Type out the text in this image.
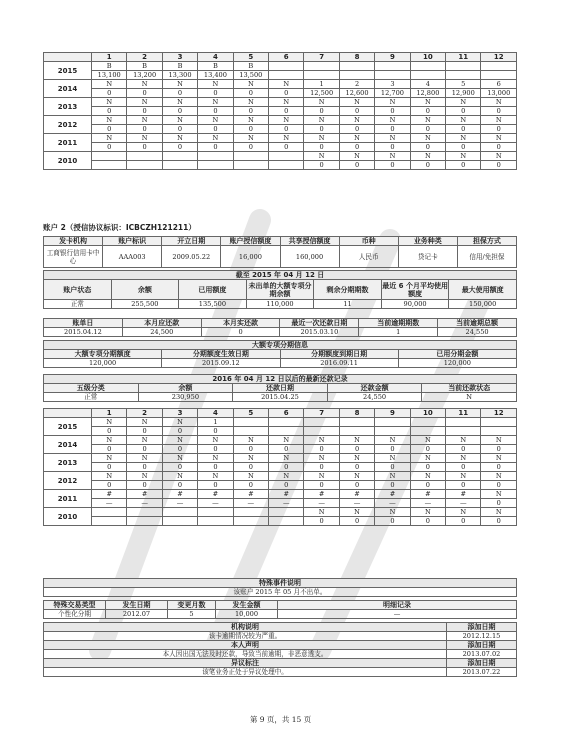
	1	2	3	4	5	6	7	8	9	10	11	12
2015	B	B	B	B	B							
	13,100	13,200	13,300	13,400	13,500							
2014	N	N	N	N	N	N	1	2	3	4	5	6
	0	0	0	0	0	0	12,500	12,600	12,700	12,800	12,900	13,000
2013	N	N	N	N	N	N	N	N	N	N	N	N
	0	0	0	0	0	0	0	0	0	0	0	0
2012	N	N	N	N	N	N	N	N	N	N	N	N
	0	0	0	0	0	0	0	0	0	0	0	0
2011	N	N	N	N	N	N	N	N	N	N	N	N
	0	0	0	0	0	0	0	0	0	0	0	0
2010							N	N	N	N	N	N
							0	0	0	0	0	0
账户 2（授信协议标识：ICBCZH121211）
发卡机构	账户标识	开立日期	账户授信额度	共享授信额度	币种	业务种类	担保方式
工商银行信用卡中心	AAA003	2009.05.22	16,000	160,000	人民币	贷记卡	信用/免担保
截至 2015 年 04 月 12 日						
账户状态	余额	已用额度	未出单的大额专项分期余额	剩余分期期数	最近 6 个月平均使用额度	最大使用额度
正常	255,500	135,500	110,000	11	90,000	150,000
账单日	本月应还款	本月实还款	最近一次还款日期	当前逾期期数	当前逾期总额
2015.04.12	24,500	0	2015.03.10	1	24,550
大额专项分期信息			
大额专项分期额度	分期额度生效日期	分期额度到期日期	已用分期金额
120,000	2015.09.12	2016.09.11	120,000
2016 年 04 月 12 日以后的最新还款记录				
五级分类	余额	还款日期	还款金额	当前还款状态
正常	230,950	2015.04.25	24,550	N
	1	2	3	4	5	6	7	8	9	10	11	12
2015	N	N	N	1								
	0	0	0	0								
2014	N	N	N	N	N	N	N	N	N	N	N	N
	0	0	0	0	0	0	0	0	0	0	0	0
2013	N	N	N	N	N	N	N	N	N	N	N	N
	0	0	0	0	0	0	0	0	0	0	0	0
2012	N	N	N	N	N	N	N	N	N	N	N	N
	0	0	0	0	0	0	0	0	0	0	0	0
2011	#	#	#	#	#	#	#	#	#	#	#	N
	—	—	—	—	—	—	—	—	—	—	—	0
2010							N	N	N	N	N	N
							0	0	0	0	0	0
特殊事件说明
该账户 2015 年 05 月不出单。
特殊交易类型	发生日期	变更月数	发生金额	明细记录
个性化分期	2012.07	5	10,000	—
机构说明	添加日期
该卡逾期情况较为严重。	2012.12.15
本人声明	添加日期
本人因出国无法及时还款，导致当前逾期，非恶意透支。	2013.07.02
异议标注	添加日期
该笔业务正处于异议处理中。	2013.07.22
第 9 页，共 15 页
